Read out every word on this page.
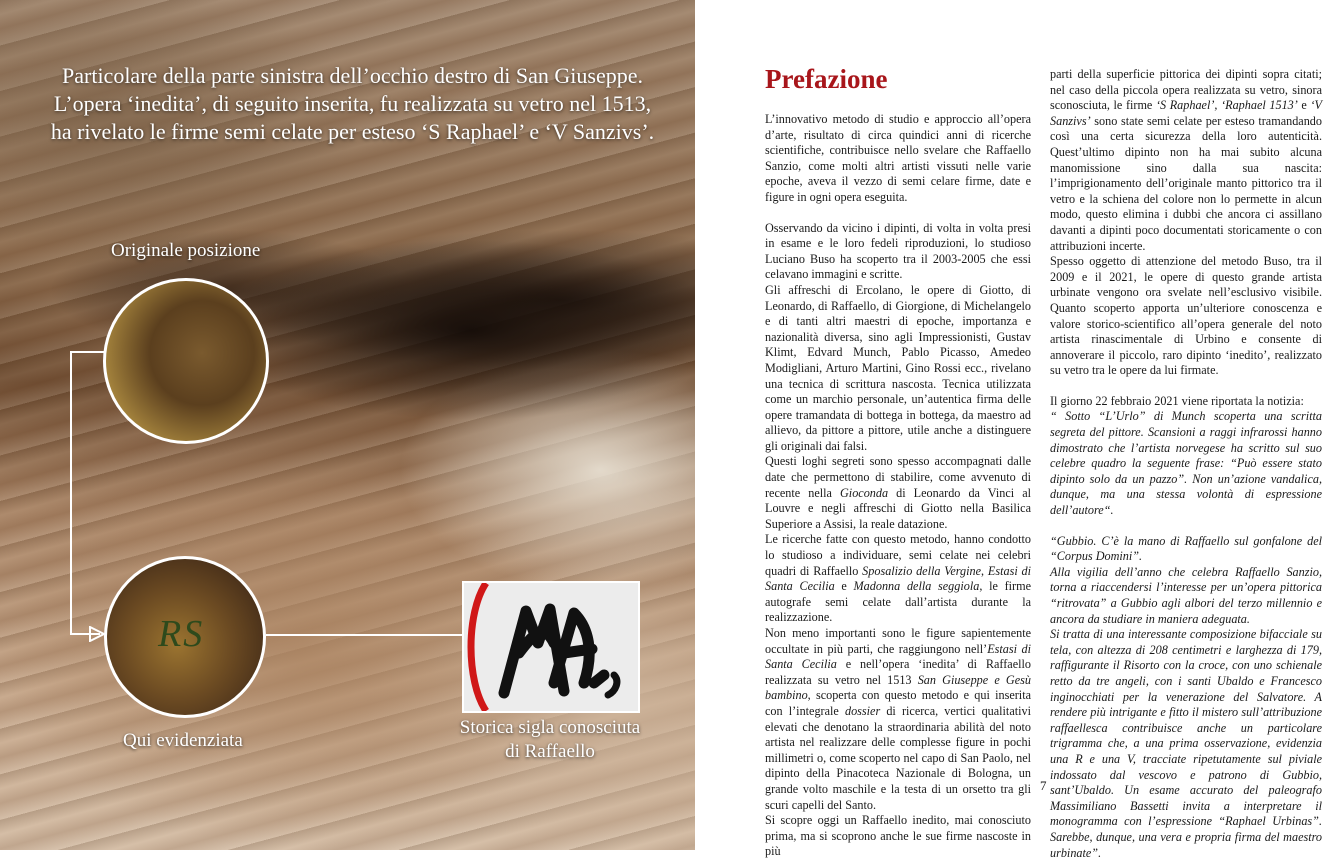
Particolare della parte sinistra dell’occhio destro di San Giuseppe.
L’opera ‘inedita’, di seguito inserita, fu realizzata su vetro nel 1513,
ha rivelato le firme semi celate per esteso ‘S Raphael’ e ‘V Sanzivs’.
Originale posizione
RS
Qui evidenziata
Storica sigla conosciuta
di Raffaello
Prefazione

L’innovativo metodo di studio e approccio all’opera d’arte, risultato di circa quindici anni di ricerche scientifiche, contribuisce nello svelare che Raffaello Sanzio, come molti altri artisti vissuti nelle varie epoche, aveva il vezzo di semi celare firme, date e figure in ogni opera eseguita.

Osservando da vicino i dipinti, di volta in volta presi in esame e le loro fedeli riproduzioni, lo studioso Luciano Buso ha scoperto tra il 2003-2005 che essi celavano immagini e scritte.

Gli affreschi di Ercolano, le opere di Giotto, di Leonardo, di Raffaello, di Giorgione, di Michelangelo e di tanti altri maestri di epoche, importanza e nazionalità diversa, sino agli Impressionisti, Gustav Klimt, Edvard Munch, Pablo Picasso, Amedeo Modigliani, Arturo Martini, Gino Rossi ecc., rivelano una tecnica di scrittura nascosta. Tecnica utilizzata come un marchio personale, un’autentica firma delle opere tramandata di bottega in bottega, da maestro ad allievo, da pittore a pittore, utile anche a distinguere gli originali dai falsi.

Questi loghi segreti sono spesso accompagnati dalle date che permettono di stabilire, come avvenuto di recente nella Gioconda di Leonardo da Vinci al Louvre e negli affreschi di Giotto nella Basilica Superiore a Assisi, la reale datazione.

Le ricerche fatte con questo metodo, hanno condotto lo studioso a individuare, semi celate nei celebri quadri di Raffaello Sposalizio della Vergine, Estasi di Santa Cecilia e Madonna della seggiola, le firme autografe semi celate dall’artista durante la realizzazione.

Non meno importanti sono le figure sapientemente occultate in più parti, che raggiungono nell’Estasi di Santa Cecilia e nell’opera ‘inedita’ di Raffaello realizzata su vetro nel 1513 San Giuseppe e Gesù bambino, scoperta con questo metodo e qui inserita con l’integrale dossier di ricerca, vertici qualitativi elevati che denotano la straordinaria abilità del noto artista nel realizzare delle complesse figure in pochi millimetri o, come scoperto nel capo di San Paolo, nel dipinto della Pinacoteca Nazionale di Bologna, un grande volto maschile e la testa di un orsetto tra gli scuri capelli del Santo.

Si scopre oggi un Raffaello inedito, mai conosciuto prima, ma si scoprono anche le sue firme nascoste in più

parti della superficie pittorica dei dipinti sopra citati; nel caso della piccola opera realizzata su vetro, sinora sconosciuta, le firme ‘S Raphael’, ‘Raphael 1513’ e ‘V Sanzivs’ sono state semi celate per esteso tramandando così una certa sicurezza della loro autenticità. Quest’ultimo dipinto non ha mai subito alcuna manomissione sino dalla sua nascita: l’imprigionamento dell’originale manto pittorico tra il vetro e la schiena del colore non lo permette in alcun modo, questo elimina i dubbi che ancora ci assillano davanti a dipinti poco documentati storicamente o con attribuzioni incerte.

Spesso oggetto di attenzione del metodo Buso, tra il 2009 e il 2021, le opere di questo grande artista urbinate vengono ora svelate nell’esclusivo visibile. Quanto scoperto apporta un’ulteriore conoscenza e valore storico-scientifico all’opera generale del noto artista rinascimentale di Urbino e consente di annoverare il piccolo, raro dipinto ‘inedito’, realizzato su vetro tra le opere da lui firmate.

Il giorno 22 febbraio 2021 viene riportata la notizia:

“ Sotto “L’Urlo” di Munch scoperta una scritta segreta del pittore. Scansioni a raggi infrarossi hanno dimostrato che l’artista norvegese ha scritto sul suo celebre quadro la seguente frase: “Può essere stato dipinto solo da un pazzo”. Non un’azione vandalica, dunque, ma una stessa volontà di espressione dell’autore“.

“Gubbio. C’è la mano di Raffaello sul gonfalone del “Corpus Domini”.

Alla vigilia dell’anno che celebra Raffaello Sanzio, torna a riaccendersi l’interesse per un’opera pittorica “ritrovata” a Gubbio agli albori del terzo millennio e ancora da studiare in maniera adeguata.

Si tratta di una interessante composizione bifacciale su tela, con altezza di 208 centimetri e larghezza di 179, raffigurante il Risorto con la croce, con uno schienale retto da tre angeli, con i santi Ubaldo e Francesco inginocchiati per la venerazione del Salvatore. A rendere più intrigante e fitto il mistero sull’attribuzione raffaellesca contribuisce anche un particolare trigramma che, a una prima osservazione, evidenzia una R e una V, tracciate ripetutamente sul piviale indossato dal vescovo e patrono di Gubbio, sant’Ubaldo. Un esame accurato del paleografo Massimiliano Bassetti invita a interpretare il monogramma con l’espressione “Raphael Urbinas”. Sarebbe, dunque, una vera e propria firma del maestro urbinate”.

7
